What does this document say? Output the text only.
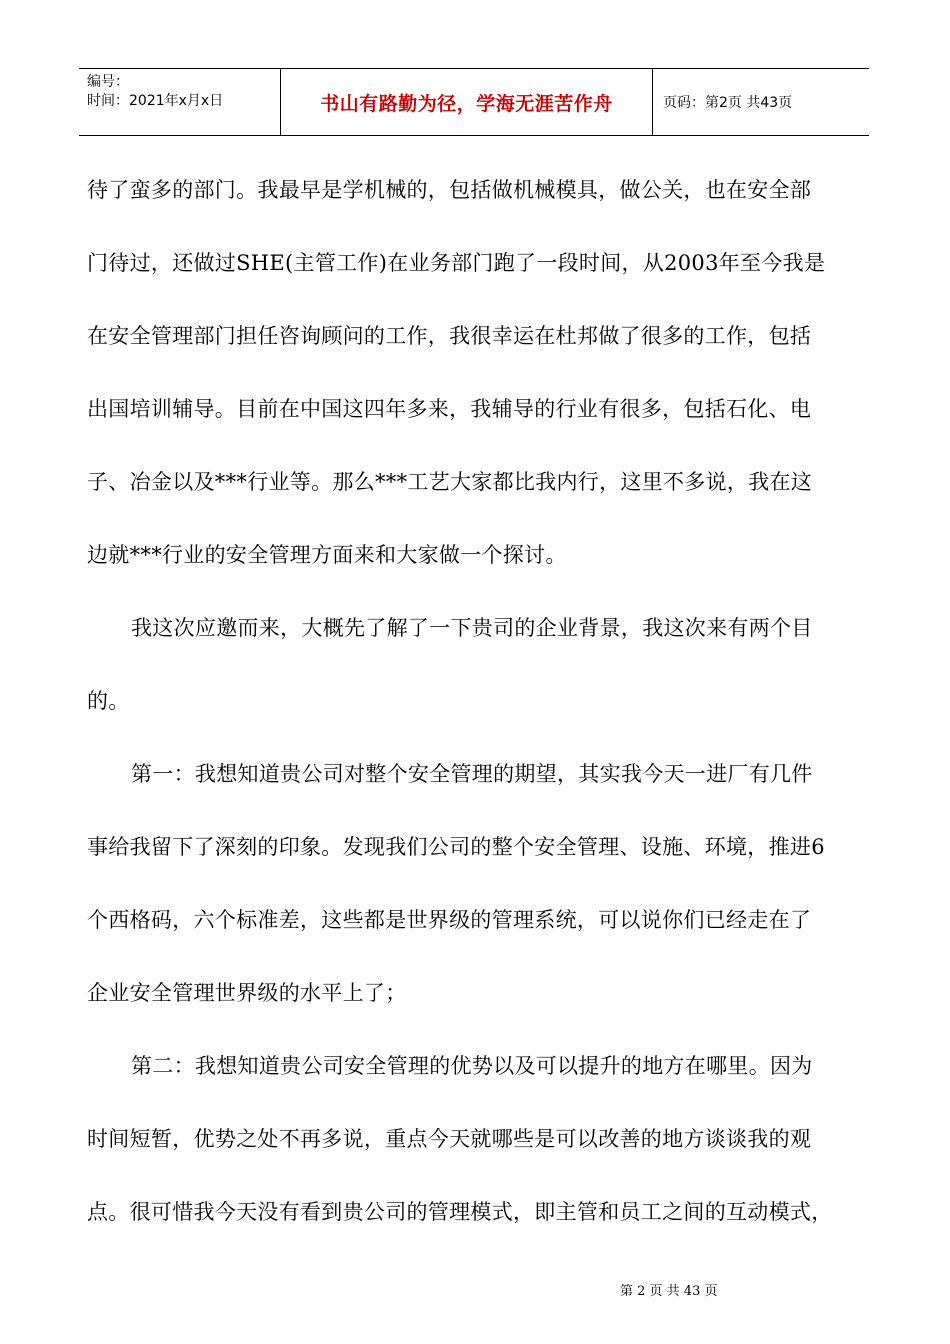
编号：
时间：2021年x月x日	书山有路勤为径，学海无涯苦作舟	页码：第2页 共43页
待了蛮多的部门。我最早是学机械的，包括做机械模具，做公关，也在安全部
门待过，还做过SHE(主管工作)在业务部门跑了一段时间，从2003年至今我是
在安全管理部门担任咨询顾问的工作，我很幸运在杜邦做了很多的工作，包括
出国培训辅导。目前在中国这四年多来，我辅导的行业有很多，包括石化、电
子、冶金以及***行业等。那么***工艺大家都比我内行，这里不多说，我在这
边就***行业的安全管理方面来和大家做一个探讨。
我这次应邀而来，大概先了解了一下贵司的企业背景，我这次来有两个目
的。
第一：我想知道贵公司对整个安全管理的期望，其实我今天一进厂有几件
事给我留下了深刻的印象。发现我们公司的整个安全管理、设施、环境，推进6
个西格码，六个标准差，这些都是世界级的管理系统，可以说你们已经走在了
企业安全管理世界级的水平上了；
第二：我想知道贵公司安全管理的优势以及可以提升的地方在哪里。因为
时间短暂，优势之处不再多说，重点今天就哪些是可以改善的地方谈谈我的观
点。很可惜我今天没有看到贵公司的管理模式，即主管和员工之间的互动模式，
第 2 页 共 43 页
